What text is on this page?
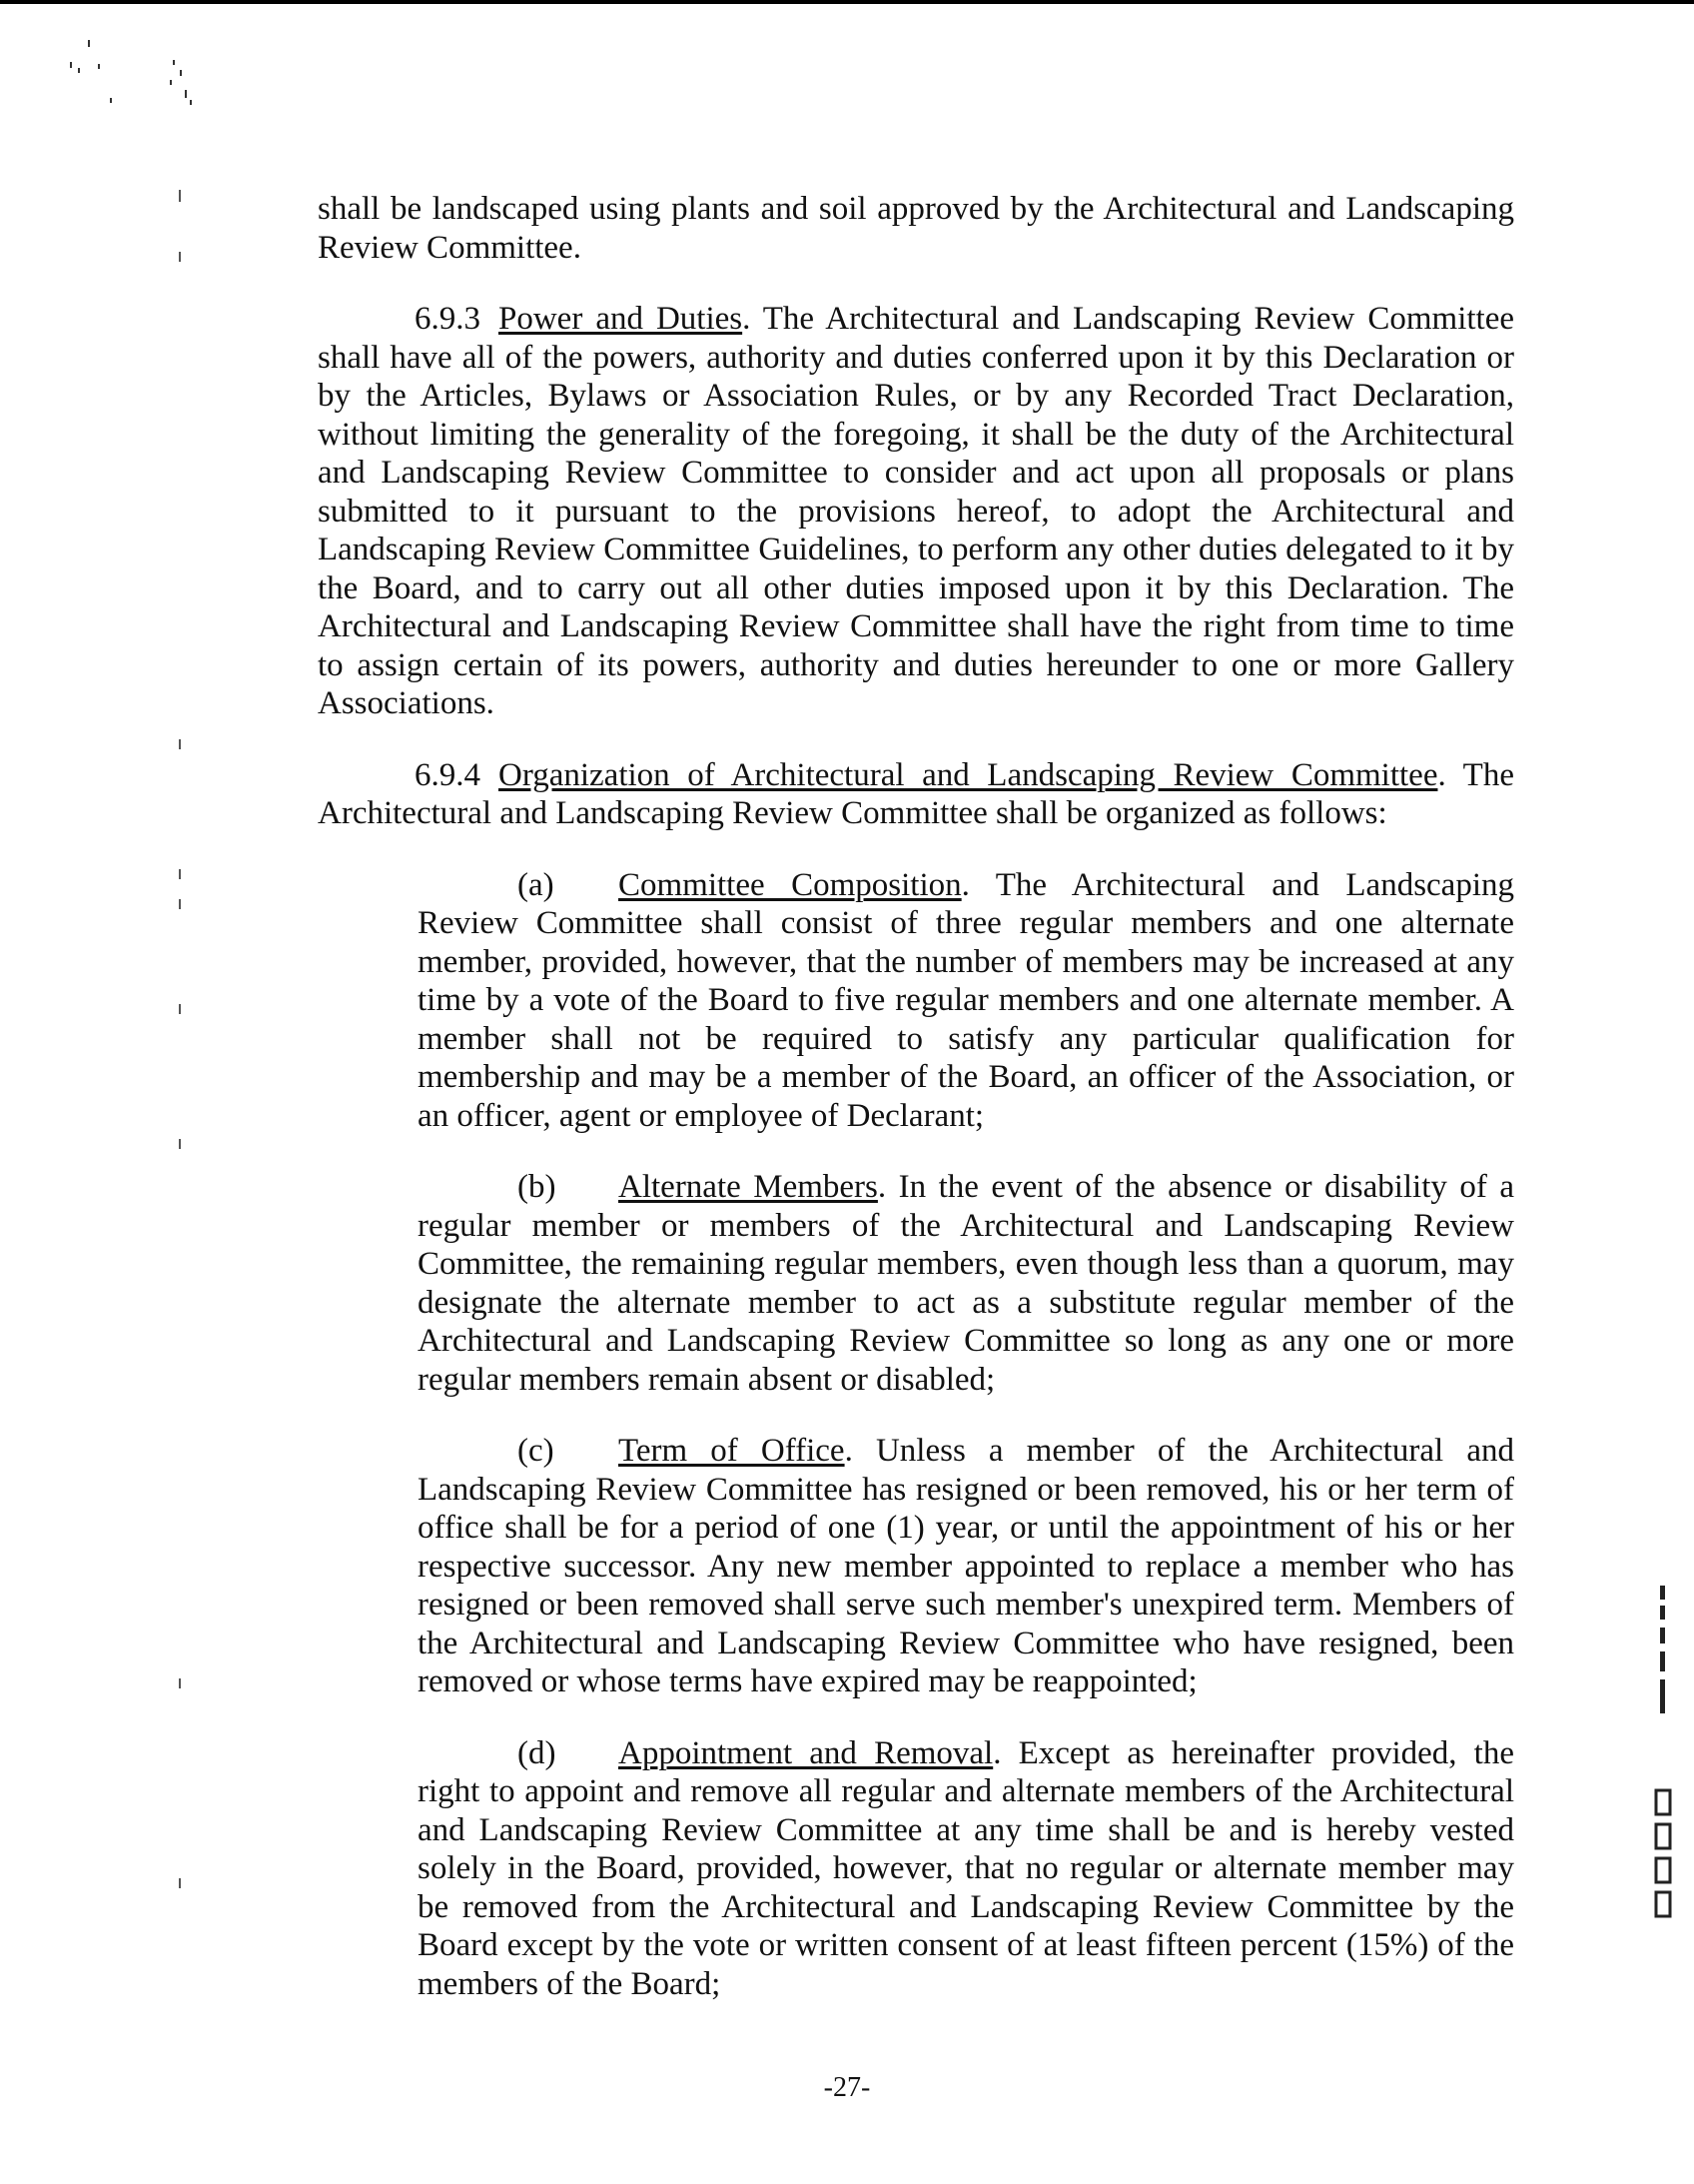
shall be landscaped using plants and soil approved by the Architectural and Landscaping Review Committee.

6.9.3 Power and Duties. The Architectural and Landscaping Review Committee shall have all of the powers, authority and duties conferred upon it by this Declaration or by the Articles, Bylaws or Association Rules, or by any Recorded Tract Declaration, without limiting the generality of the foregoing, it shall be the duty of the Architectural and Landscaping Review Committee to consider and act upon all proposals or plans submitted to it pursuant to the provisions hereof, to adopt the Architectural and Landscaping Review Committee Guidelines, to perform any other duties delegated to it by the Board, and to carry out all other duties imposed upon it by this Declaration. The Architectural and Landscaping Review Committee shall have the right from time to time to assign certain of its powers, authority and duties hereunder to one or more Gallery Associations.

6.9.4 Organization of Architectural and Landscaping Review Committee. The Architectural and Landscaping Review Committee shall be organized as follows:

(a) Committee Composition. The Architectural and Landscaping Review Committee shall consist of three regular members and one alternate member, provided, however, that the number of members may be increased at any time by a vote of the Board to five regular members and one alternate member. A member shall not be required to satisfy any particular qualification for membership and may be a member of the Board, an officer of the Association, or an officer, agent or employee of Declarant;

(b) Alternate Members. In the event of the absence or disability of a regular member or members of the Architectural and Landscaping Review Committee, the remaining regular members, even though less than a quorum, may designate the alternate member to act as a substitute regular member of the Architectural and Landscaping Review Committee so long as any one or more regular members remain absent or disabled;

(c) Term of Office. Unless a member of the Architectural and Landscaping Review Committee has resigned or been removed, his or her term of office shall be for a period of one (1) year, or until the appointment of his or her respective successor. Any new member appointed to replace a member who has resigned or been removed shall serve such member's unexpired term. Members of the Architectural and Landscaping Review Committee who have resigned, been removed or whose terms have expired may be reappointed;

(d) Appointment and Removal. Except as hereinafter provided, the right to appoint and remove all regular and alternate members of the Architectural and Landscaping Review Committee at any time shall be and is hereby vested solely in the Board, provided, however, that no regular or alternate member may be removed from the Architectural and Landscaping Review Committee by the Board except by the vote or written consent of at least fifteen percent (15%) of the members of the Board;

-27-
